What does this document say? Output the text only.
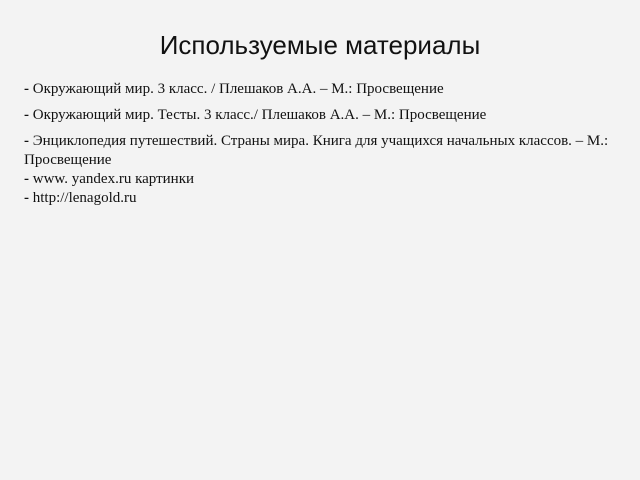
Используемые материалы
- Окружающий мир. 3 класс. / Плешаков А.А. – М.: Просвещение
- Окружающий мир. Тесты. 3 класс./ Плешаков А.А. – М.: Просвещение
- Энциклопедия путешествий. Страны мира. Книга для учащихся начальных классов. – М.: Просвещение
- www. yandex.ru картинки
- http://lenagold.ru
